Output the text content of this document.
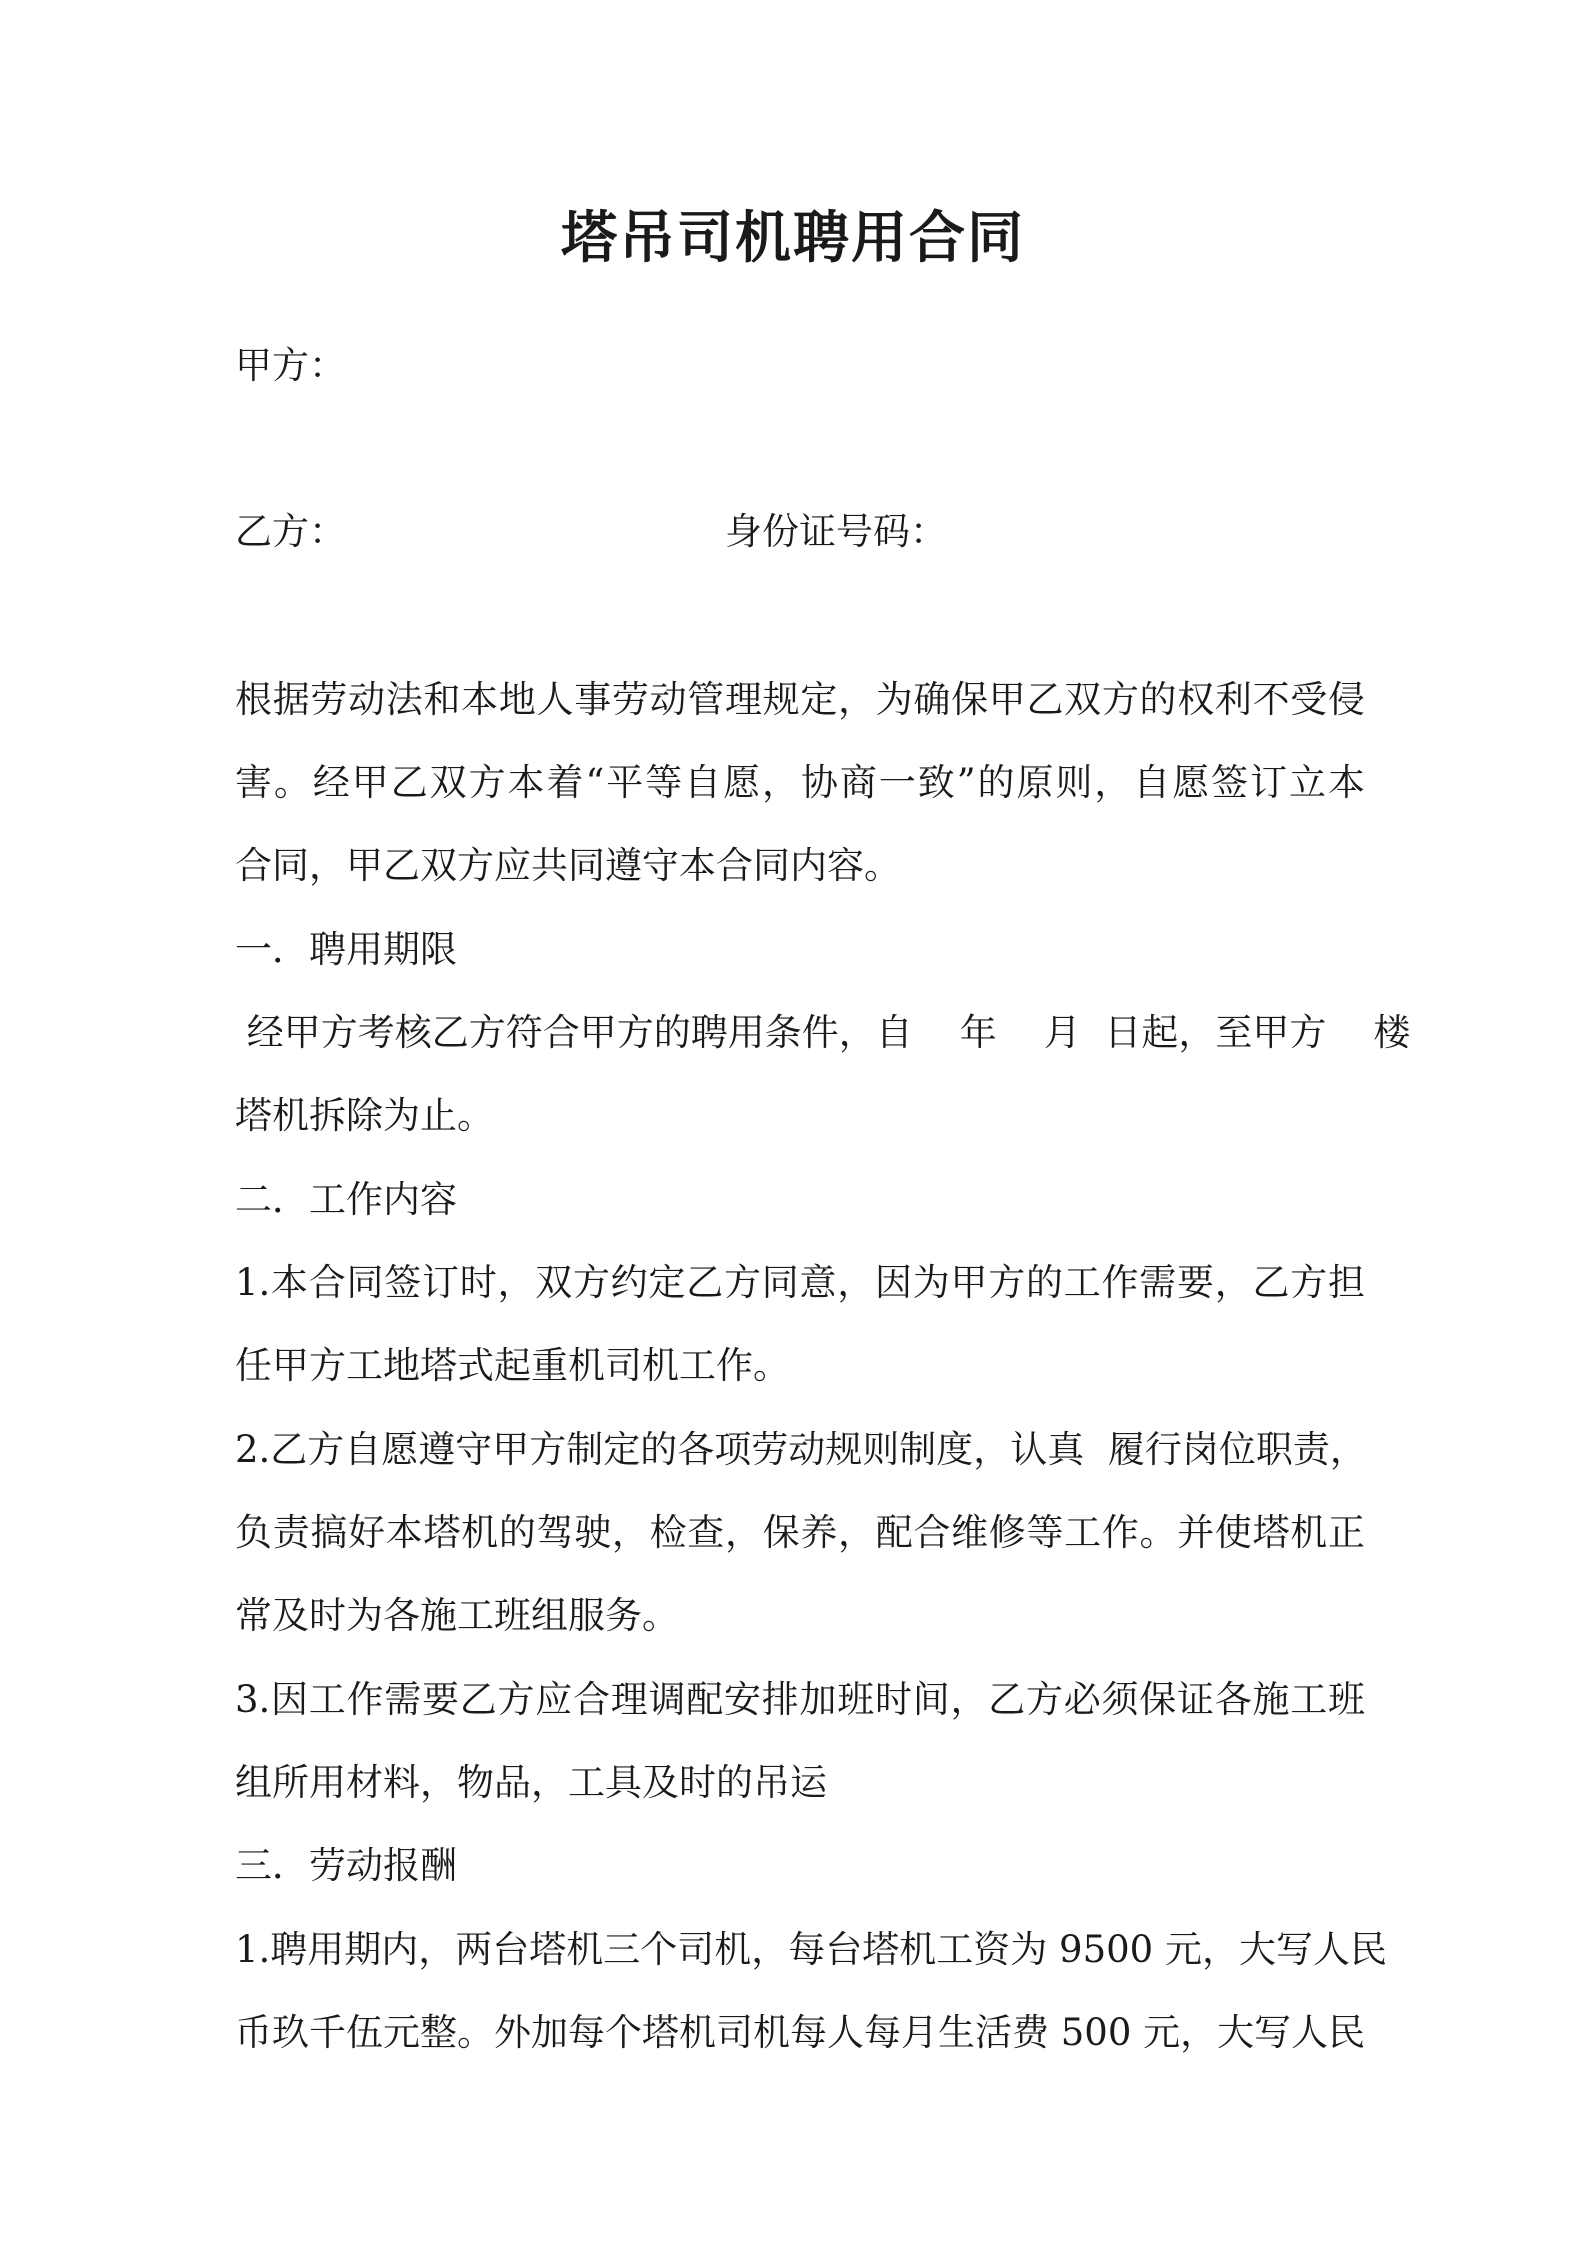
塔吊司机聘用合同

甲方：

乙方：	身份证号码：

根据劳动法和本地人事劳动管理规定，为确保甲乙双方的权利不受侵

害。经甲乙双方本着“平等自愿，协商一致”的原则，自愿签订立本

合同，甲乙双方应共同遵守本合同内容。

一．聘用期限

经甲方考核乙方符合甲方的聘用条件，自    年    月  日起，至甲方    楼

塔机拆除为止。

二．工作内容

1.本合同签订时，双方约定乙方同意，因为甲方的工作需要，乙方担

任甲方工地塔式起重机司机工作。

2.乙方自愿遵守甲方制定的各项劳动规则制度，认真  履行岗位职责，

负责搞好本塔机的驾驶，检查，保养，配合维修等工作。并使塔机正

常及时为各施工班组服务。

3.因工作需要乙方应合理调配安排加班时间，乙方必须保证各施工班

组所用材料，物品，工具及时的吊运

三．劳动报酬

1.聘用期内，两台塔机三个司机，每台塔机工资为 9500 元，大写人民

币玖千伍元整。外加每个塔机司机每人每月生活费 500 元，大写人民
